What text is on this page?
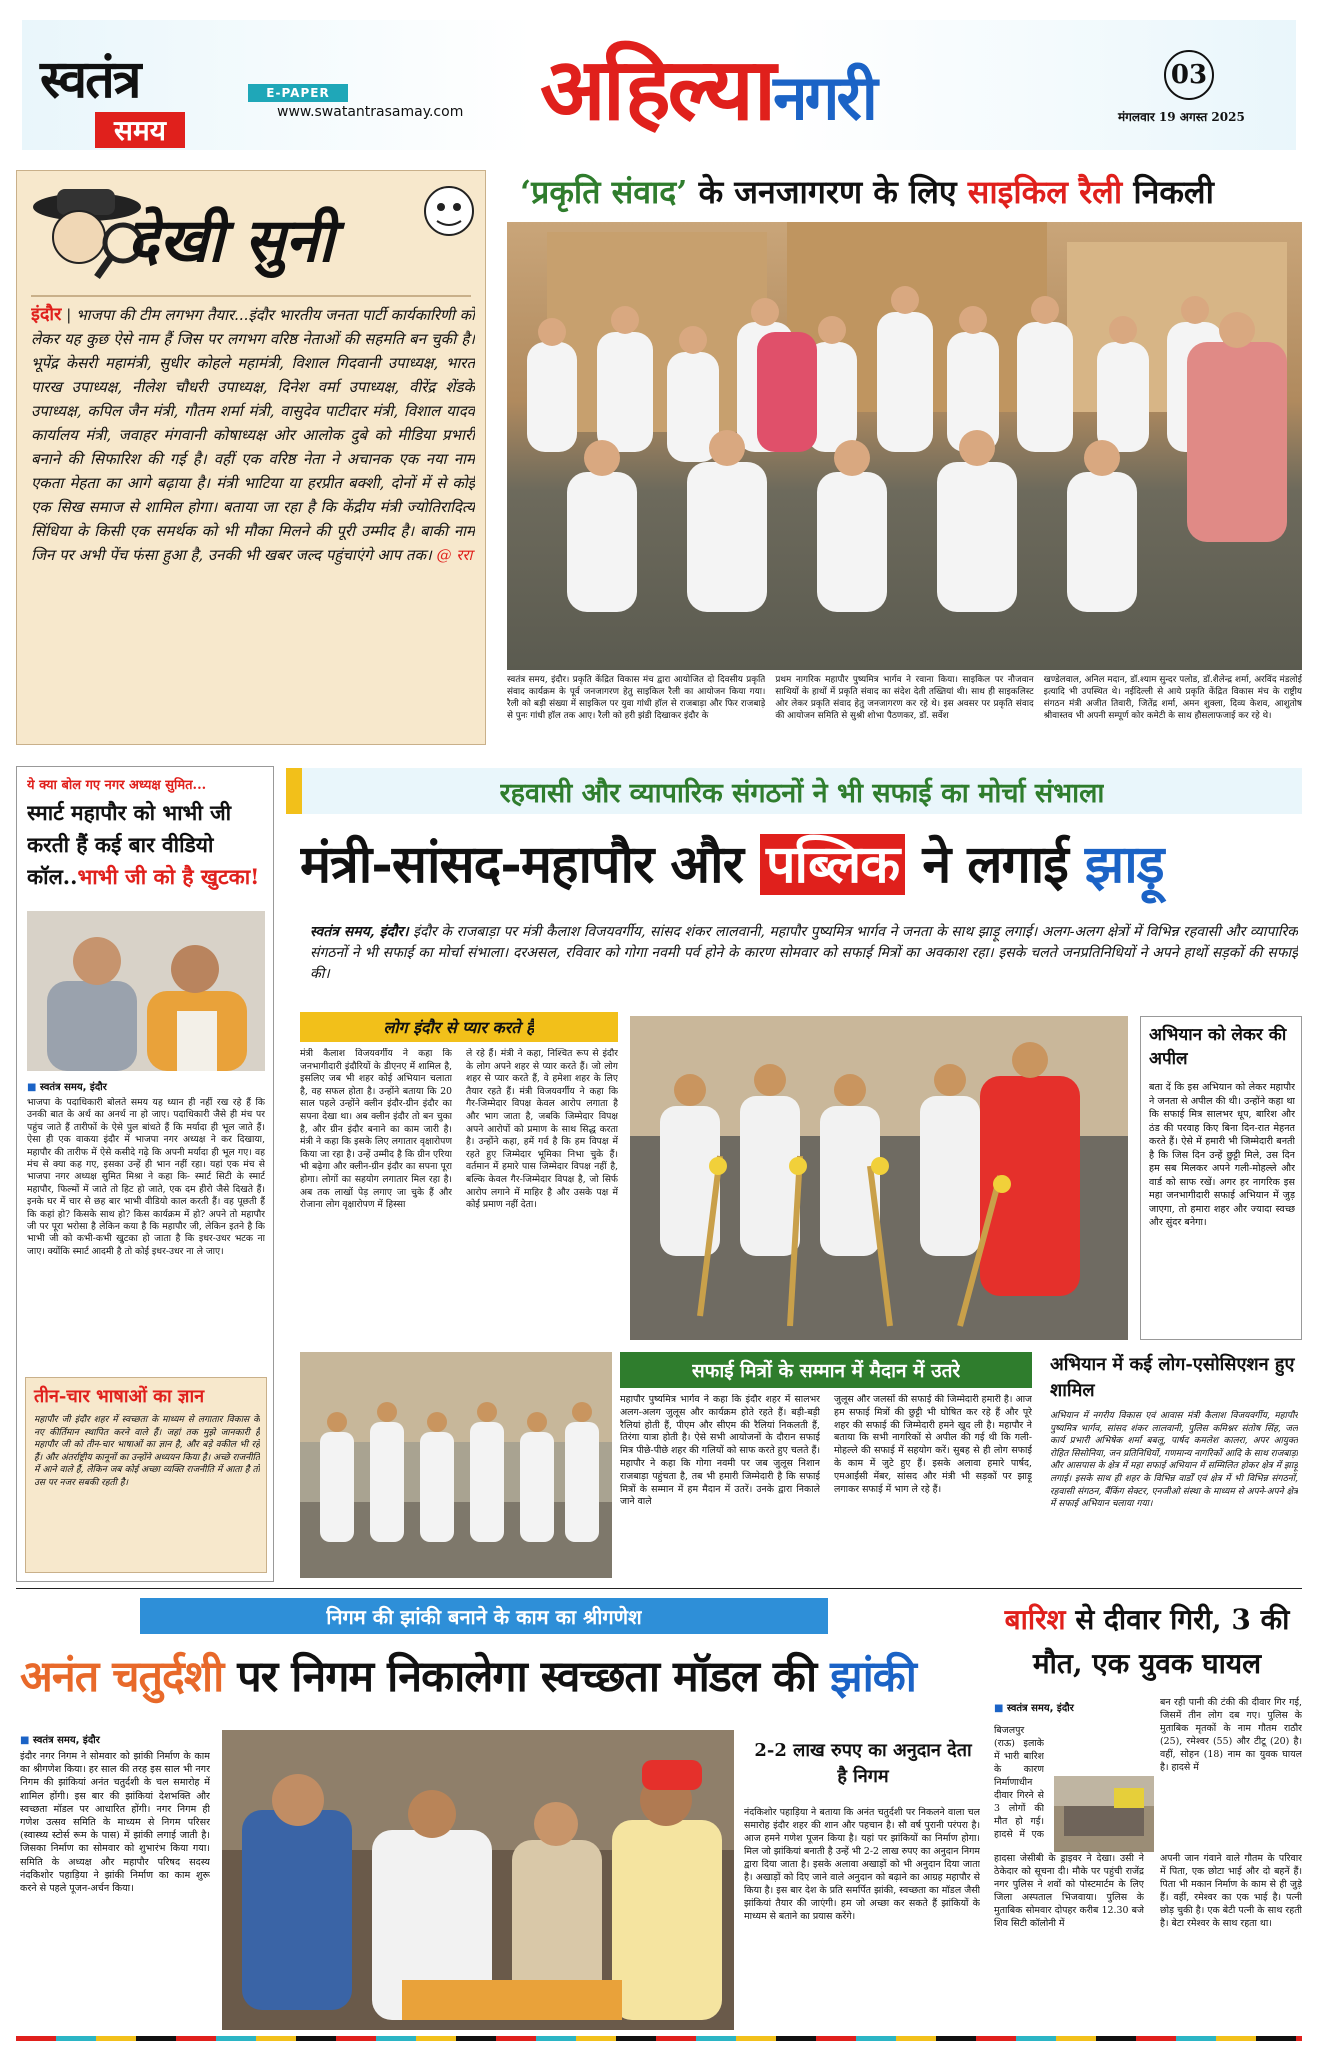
स्वतंत्र
समय
E-PAPER
www.swatantrasamay.com अहिल्यानगरी	03
मंगलवार 19 अगस्त 2025
देखी सुनी
इंदौर | भाजपा की टीम लगभग तैयार...इंदौर भारतीय जनता पार्टी कार्यकारिणी को लेकर यह कुछ ऐसे नाम हैं जिस पर लगभग वरिष्ठ नेताओं की सहमति बन चुकी है। भूपेंद्र केसरी महामंत्री, सुधीर कोहले महामंत्री, विशाल गिदवानी उपाध्यक्ष, भारत पारख उपाध्यक्ष, नीलेश चौधरी उपाध्यक्ष, दिनेश वर्मा उपाध्यक्ष, वीरेंद्र शेंडके उपाध्यक्ष, कपिल जैन मंत्री, गौतम शर्मा मंत्री, वासुदेव पाटीदार मंत्री, विशाल यादव कार्यालय मंत्री, जवाहर मंगवानी कोषाध्यक्ष ओर आलोक दुबे को मीडिया प्रभारी बनाने की सिफारिश की गई है। वहीं एक वरिष्ठ नेता ने अचानक एक नया नाम एकता मेहता का आगे बढ़ाया है। मंत्री भाटिया या हरप्रीत बक्शी, दोनों में से कोई एक सिख समाज से शामिल होगा। बताया जा रहा है कि केंद्रीय मंत्री ज्योतिरादित्य सिंधिया के किसी एक समर्थक को भी मौका मिलने की पूरी उम्मीद है। बाकी नाम जिन पर अभी पेंच फंसा हुआ है, उनकी भी खबर जल्द पहुंचाएंगे आप तक। @ ररा
‘प्रकृति संवाद’ के जनजागरण के लिए साइकिल रैली निकली
स्वतंत्र समय, इंदौर। प्रकृति केंद्रित विकास मंच द्वारा आयोजित दो दिवसीय प्रकृति संवाद कार्यक्रम के पूर्व जनजागरण हेतु साइकिल रैली का आयोजन किया गया। रैली को बड़ी संख्या में साइकिल पर युवा गांधी हॉल से राजबाड़ा और फिर राजबाड़े से पुनः गांधी हॉल तक आए। रैली को हरी झंडी दिखाकर इंदौर के
प्रथम नागरिक महापौर पुष्यमित्र भार्गव ने रवाना किया। साइकिल पर नौजवान साथियों के हाथों में प्रकृति संवाद का संदेश देती तख्तियां थी। साथ ही साइकलिस्ट ओर लेकर प्रकृति संवाद हेतु जनजागरण कर रहे थे। इस अवसर पर प्रकृति संवाद की आयोजन समिति से सुश्री शोभा पैठणकर, डॉ. सर्वेश
खण्डेलवाल, अनिल मदान, डॉ.श्याम सुन्दर पलोड, डॉ.शैलेन्द्र शर्मा, अरविंद मंडलोई इत्यादि भी उपस्थित थे। नईदिल्ली से आये प्रकृति केंद्रित विकास मंच के राष्ट्रीय संगठन मंत्री अजीत तिवारी, जितेंद्र शर्मा, अमन शुक्ला, दिव्य केशव, आशुतोष श्रीवास्तव भी अपनी सम्पूर्ण कोर कमेटी के साथ हौसलाफजाई कर रहे थे।
ये क्या बोल गए नगर अध्यक्ष सुमित...
स्मार्ट महापौर को भाभी जी करती हैं कई बार वीडियो कॉल..भाभी जी को है खुटका!
■ स्वतंत्र समय, इंदौर
भाजपा के पदाधिकारी बोलते समय यह ध्यान ही नहीं रख रहे हैं कि उनकी बात के अर्थ का अनर्थ ना हो जाए। पदाधिकारी जैसे ही मंच पर पहुंच जाते हैं तारीफों के ऐसे पुल बांधते हैं कि मर्यादा ही भूल जाते हैं। ऐसा ही एक वाकया इंदौर में भाजपा नगर अध्यक्ष ने कर दिखाया, महापौर की तारीफ में ऐसे कसीदे गढ़े कि अपनी मर्यादा ही भूल गए। वह मंच से क्या कह गए, इसका उन्हें ही भान नहीं रहा। यहां एक मंच से भाजपा नगर अध्यक्ष सुमित मिश्रा ने कहा कि- स्मार्ट सिटी के स्मार्ट महापौर, फिल्मों में जाते तो हिट हो जाते, एक दम हीरो जैसे दिखते हैं। इनके घर में चार से छह बार भाभी वीडियो काल करती हैं। वह पूछती हैं कि कहां हो? किसके साथ हो? किस कार्यक्रम में हो? अपने तो महापौर जी पर पूरा भरोसा है लेकिन कया है कि महापौर जी, लेकिन इतने है कि भाभी जी को कभी-कभी खुटका हो जाता है कि इधर-उधर भटक ना जाए। क्योंकि स्मार्ट आदमी है तो कोई इधर-उधर ना ले जाए।
तीन-चार भाषाओं का ज्ञान
महापौर जी इंदौर शहर में स्वच्छता के माध्यम से लगातार विकास के नए कीर्तिमान स्थापित करने वाले हैं। जहां तक मुझे जानकारी है महापौर जी को तीन-चार भाषाओं का ज्ञान है, और बड़े वकील भी रहे हैं। और अंतर्राष्ट्रीय कानूनों का उन्होंने अध्ययन किया है। अच्छे राजनीति में आने वाले हैं, लेकिन जब कोई अच्छा व्यक्ति राजनीति में आता है तो उस पर नजर सबकी रहती है।
रहवासी और व्यापारिक संगठनों ने भी सफाई का मोर्चा संभाला
मंत्री-सांसद-महापौर और पब्लिक ने लगाई झाड़ू
स्वतंत्र समय, इंदौर। इंदौर के राजबाड़ा पर मंत्री कैलाश विजयवर्गीय, सांसद शंकर लालवानी, महापौर पुष्यमित्र भार्गव ने जनता के साथ झाड़ू लगाई। अलग-अलग क्षेत्रों में विभिन्न रहवासी और व्यापारिक संगठनों ने भी सफाई का मोर्चा संभाला। दरअसल, रविवार को गोगा नवमी पर्व होने के कारण सोमवार को सफाई मित्रों का अवकाश रहा। इसके चलते जनप्रतिनिधियों ने अपने हाथों सड़कों की सफाई की।
लोग इंदौर से प्यार करते हैं
मंत्री कैलाश विजयवर्गीय ने कहा कि जनभागीदारी इंदौरियों के डीएनए में शामिल है, इसलिए जब भी शहर कोई अभियान चलाता है, वह सफल होता है। उन्होंने बताया कि 20 साल पहले उन्होंने क्लीन इंदौर-ग्रीन इंदौर का सपना देखा था। अब क्लीन इंदौर तो बन चुका है, और ग्रीन इंदौर बनाने का काम जारी है। मंत्री ने कहा कि इसके लिए लगातार वृक्षारोपण किया जा रहा है। उन्हें उम्मीद है कि ग्रीन एरिया भी बढ़ेगा और क्लीन-ग्रीन इंदौर का सपना पूरा होगा। लोगों का सहयोग लगातार मिल रहा है। अब तक लाखों पेड़ लगाए जा चुके हैं और रोजाना लोग वृक्षारोपण में हिस्सा
ले रहे हैं। मंत्री ने कहा, निश्चित रूप से इंदौर के लोग अपने शहर से प्यार करते हैं। जो लोग शहर से प्यार करते हैं, वे हमेशा शहर के लिए तैयार रहते हैं। मंत्री विजयवर्गीय ने कहा कि गैर-जिम्मेदार विपक्ष केवल आरोप लगाता है और भाग जाता है, जबकि जिम्मेदार विपक्ष अपने आरोपों को प्रमाण के साथ सिद्ध करता है। उन्होंने कहा, हमें गर्व है कि हम विपक्ष में रहते हुए जिम्मेदार भूमिका निभा चुके हैं। वर्तमान में हमारे पास जिम्मेदार विपक्ष नहीं है, बल्कि केवल गैर-जिम्मेदार विपक्ष है, जो सिर्फ आरोप लगाने में माहिर है और उसके पक्ष में कोई प्रमाण नहीं देता।
अभियान को लेकर की अपील
बता दें कि इस अभियान को लेकर महापौर ने जनता से अपील की थी। उन्होंने कहा था कि सफाई मित्र सालभर धूप, बारिश और ठंड की परवाह किए बिना दिन-रात मेहनत करते हैं। ऐसे में हमारी भी जिम्मेदारी बनती है कि जिस दिन उन्हें छुट्टी मिले, उस दिन हम सब मिलकर अपने गली-मोहल्ले और वार्ड को साफ रखें। अगर हर नागरिक इस महा जनभागीदारी सफाई अभियान में जुड़ जाएगा, तो हमारा शहर और ज्यादा स्वच्छ और सुंदर बनेगा।
सफाई मित्रों के सम्मान में मैदान में उतरे
महापौर पुष्यमित्र भार्गव ने कहा कि इंदौर शहर में सालभर अलग-अलग जुलूस और कार्यक्रम होते रहते हैं। बड़ी-बड़ी रैलियां होती हैं, पीएम और सीएम की रैलियां निकलती हैं, तिरंगा यात्रा होती है। ऐसे सभी आयोजनों के दौरान सफाई मित्र पीछे-पीछे शहर की गलियों को साफ करते हुए चलते हैं। महापौर ने कहा कि गोगा नवमी पर जब जुलूस निशान राजबाड़ा पहुंचता है, तब भी हमारी जिम्मेदारी है कि सफाई मित्रों के सम्मान में हम मैदान में उतरें। उनके द्वारा निकाले जाने वाले
जुलूस और जलसों की सफाई की जिम्मेदारी हमारी है। आज हम सफाई मित्रों की छुट्टी भी घोषित कर रहे हैं और पूरे शहर की सफाई की जिम्मेदारी हमने खुद ली है। महापौर ने बताया कि सभी नागरिकों से अपील की गई थी कि गली-मोहल्ले की सफाई में सहयोग करें। सुबह से ही लोग सफाई के काम में जुटे हुए हैं। इसके अलावा हमारे पार्षद, एमआईसी मेंबर, सांसद और मंत्री भी सड़कों पर झाड़ू लगाकर सफाई में भाग ले रहे हैं।
अभियान में कई लोग-एसोसिएशन हुए शामिल
अभियान में नगरीय विकास एवं आवास मंत्री कैलाश विजयवर्गीय, महापौर पुष्यमित्र भार्गव, सांसद शंकर लालवानी, पुलिस कमिश्नर संतोष सिंह, जल कार्य प्रभारी अभिषेक शर्मा बबलू, पार्षद कमलेश कालरा, अपर आयुक्त रोहित सिसोनिया, जन प्रतिनिधियों, गणमान्य नागरिकों आदि के साथ राजबाड़ा और आसपास के क्षेत्र में महा सफाई अभियान में सम्मिलित होकर क्षेत्र में झाड़ू लगाई। इसके साथ ही शहर के विभिन्न वार्डों एवं क्षेत्र में भी विभिन्न संगठनों, रहवासी संगठन, बैंकिंग सेक्टर, एनजीओ संस्था के माध्यम से अपने-अपने क्षेत्र में सफाई अभियान चलाया गया।
निगम की झांकी बनाने के काम का श्रीगणेश
अनंत चतुर्दशी पर निगम निकालेगा स्वच्छता मॉडल की झांकी
■ स्वतंत्र समय, इंदौर
इंदौर नगर निगम ने सोमवार को झांकी निर्माण के काम का श्रीगणेश किया। हर साल की तरह इस साल भी नगर निगम की झांकियां अनंत चतुर्दशी के चल समारोह में शामिल होंगी। इस बार की झांकियां देशभक्ति और स्वच्छता मॉडल पर आधारित होंगी। नगर निगम ही गणेश उत्सव समिति के माध्यम से निगम परिसर (स्वास्थ्य स्टोर्स रूम के पास) में झांकी लगाई जाती है। जिसका निर्माण का सोमवार को शुभारंभ किया गया। समिति के अध्यक्ष और महापौर परिषद सदस्य नंदकिशोर पहाड़िया ने झांकी निर्माण का काम शुरू करने से पहले पूजन-अर्चन किया।
2-2 लाख रुपए का अनुदान देता है निगम
नंदकिशोर पहाड़िया ने बताया कि अनंत चतुर्दशी पर निकलने वाला चल समारोह इंदौर शहर की शान और पहचान है। सौ वर्ष पुरानी परंपरा है। आज हमने गणेश पूजन किया है। यहां पर झांकियों का निर्माण होगा। मिल जो झांकियां बनाती है उन्हें भी 2-2 लाख रुपए का अनुदान निगम द्वारा दिया जाता है। इसके अलावा अखाड़ों को भी अनुदान दिया जाता है। अखाड़ों को दिए जाने वाले अनुदान को बढ़ाने का आग्रह महापौर से किया है। इस बार देश के प्रति समर्पित झांकी, स्वच्छता का मॉडल जैसी झांकियां तैयार की जाएंगी। हम जो अच्छा कर सकते हैं झांकियों के माध्यम से बताने का प्रयास करेंगे।
बारिश से दीवार गिरी, 3 की मौत, एक युवक घायल
■ स्वतंत्र समय, इंदौर
बिजलपुर (राऊ) इलाके में भारी बारिश के कारण निर्माणाधीन दीवार गिरने से 3 लोगों की मौत हो गई। हादसे में एक
बन रही पानी की टंकी की दीवार गिर गई, जिसमें तीन लोग दब गए। पुलिस के मुताबिक मृतकों के नाम गौतम राठौर (25), रमेश्वर (55) और टीटू (20) है। वहीं, सोहन (18) नाम का युवक घायल है। हादसे में
हादसा जेसीबी के ड्राइवर ने देखा। उसी ने ठेकेदार को सूचना दी। मौके पर पहुंची राजेंद्र नगर पुलिस ने शवों को पोस्टमार्टम के लिए जिला अस्पताल भिजवाया। पुलिस के मुताबिक सोमवार दोपहर करीब 12.30 बजे शिव सिटी कॉलोनी में
अपनी जान गंवाने वाले गौतम के परिवार में पिता, एक छोटा भाई और दो बहनें हैं। पिता भी मकान निर्माण के काम से ही जुड़े हैं। वहीं, रमेश्वर का एक भाई है। पत्नी छोड़ चुकी है। एक बेटी पत्नी के साथ रहती है। बेटा रमेश्वर के साथ रहता था।
